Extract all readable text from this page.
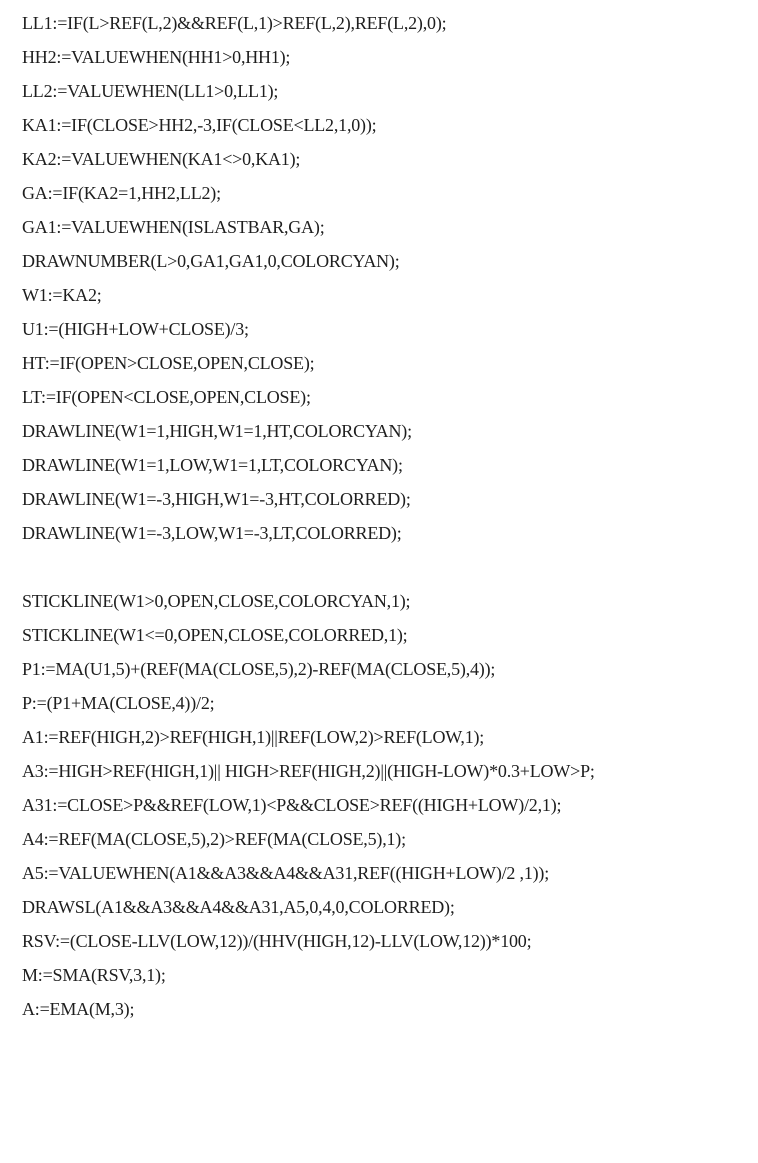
LL1:=IF(L>REF(L,2)&&REF(L,1)>REF(L,2),REF(L,2),0);
HH2:=VALUEWHEN(HH1>0,HH1);
LL2:=VALUEWHEN(LL1>0,LL1);
KA1:=IF(CLOSE>HH2,-3,IF(CLOSE<LL2,1,0));
KA2:=VALUEWHEN(KA1<>0,KA1);
GA:=IF(KA2=1,HH2,LL2);
GA1:=VALUEWHEN(ISLASTBAR,GA);
DRAWNUMBER(L>0,GA1,GA1,0,COLORCYAN);
W1:=KA2;
U1:=(HIGH+LOW+CLOSE)/3;
HT:=IF(OPEN>CLOSE,OPEN,CLOSE);
LT:=IF(OPEN<CLOSE,OPEN,CLOSE);
DRAWLINE(W1=1,HIGH,W1=1,HT,COLORCYAN);
DRAWLINE(W1=1,LOW,W1=1,LT,COLORCYAN);
DRAWLINE(W1=-3,HIGH,W1=-3,HT,COLORRED);
DRAWLINE(W1=-3,LOW,W1=-3,LT,COLORRED);
STICKLINE(W1>0,OPEN,CLOSE,COLORCYAN,1);
STICKLINE(W1<=0,OPEN,CLOSE,COLORRED,1);
P1:=MA(U1,5)+(REF(MA(CLOSE,5),2)-REF(MA(CLOSE,5),4));
P:=(P1+MA(CLOSE,4))/2;
A1:=REF(HIGH,2)>REF(HIGH,1)||REF(LOW,2)>REF(LOW,1);
A3:=HIGH>REF(HIGH,1)|| HIGH>REF(HIGH,2)||(HIGH-LOW)*0.3+LOW>P;
A31:=CLOSE>P&&REF(LOW,1)<P&&CLOSE>REF((HIGH+LOW)/2,1);
A4:=REF(MA(CLOSE,5),2)>REF(MA(CLOSE,5),1);
A5:=VALUEWHEN(A1&&A3&&A4&&A31,REF((HIGH+LOW)/2 ,1));
DRAWSL(A1&&A3&&A4&&A31,A5,0,4,0,COLORRED);
RSV:=(CLOSE-LLV(LOW,12))/(HHV(HIGH,12)-LLV(LOW,12))*100;
M:=SMA(RSV,3,1);
A:=EMA(M,3);
